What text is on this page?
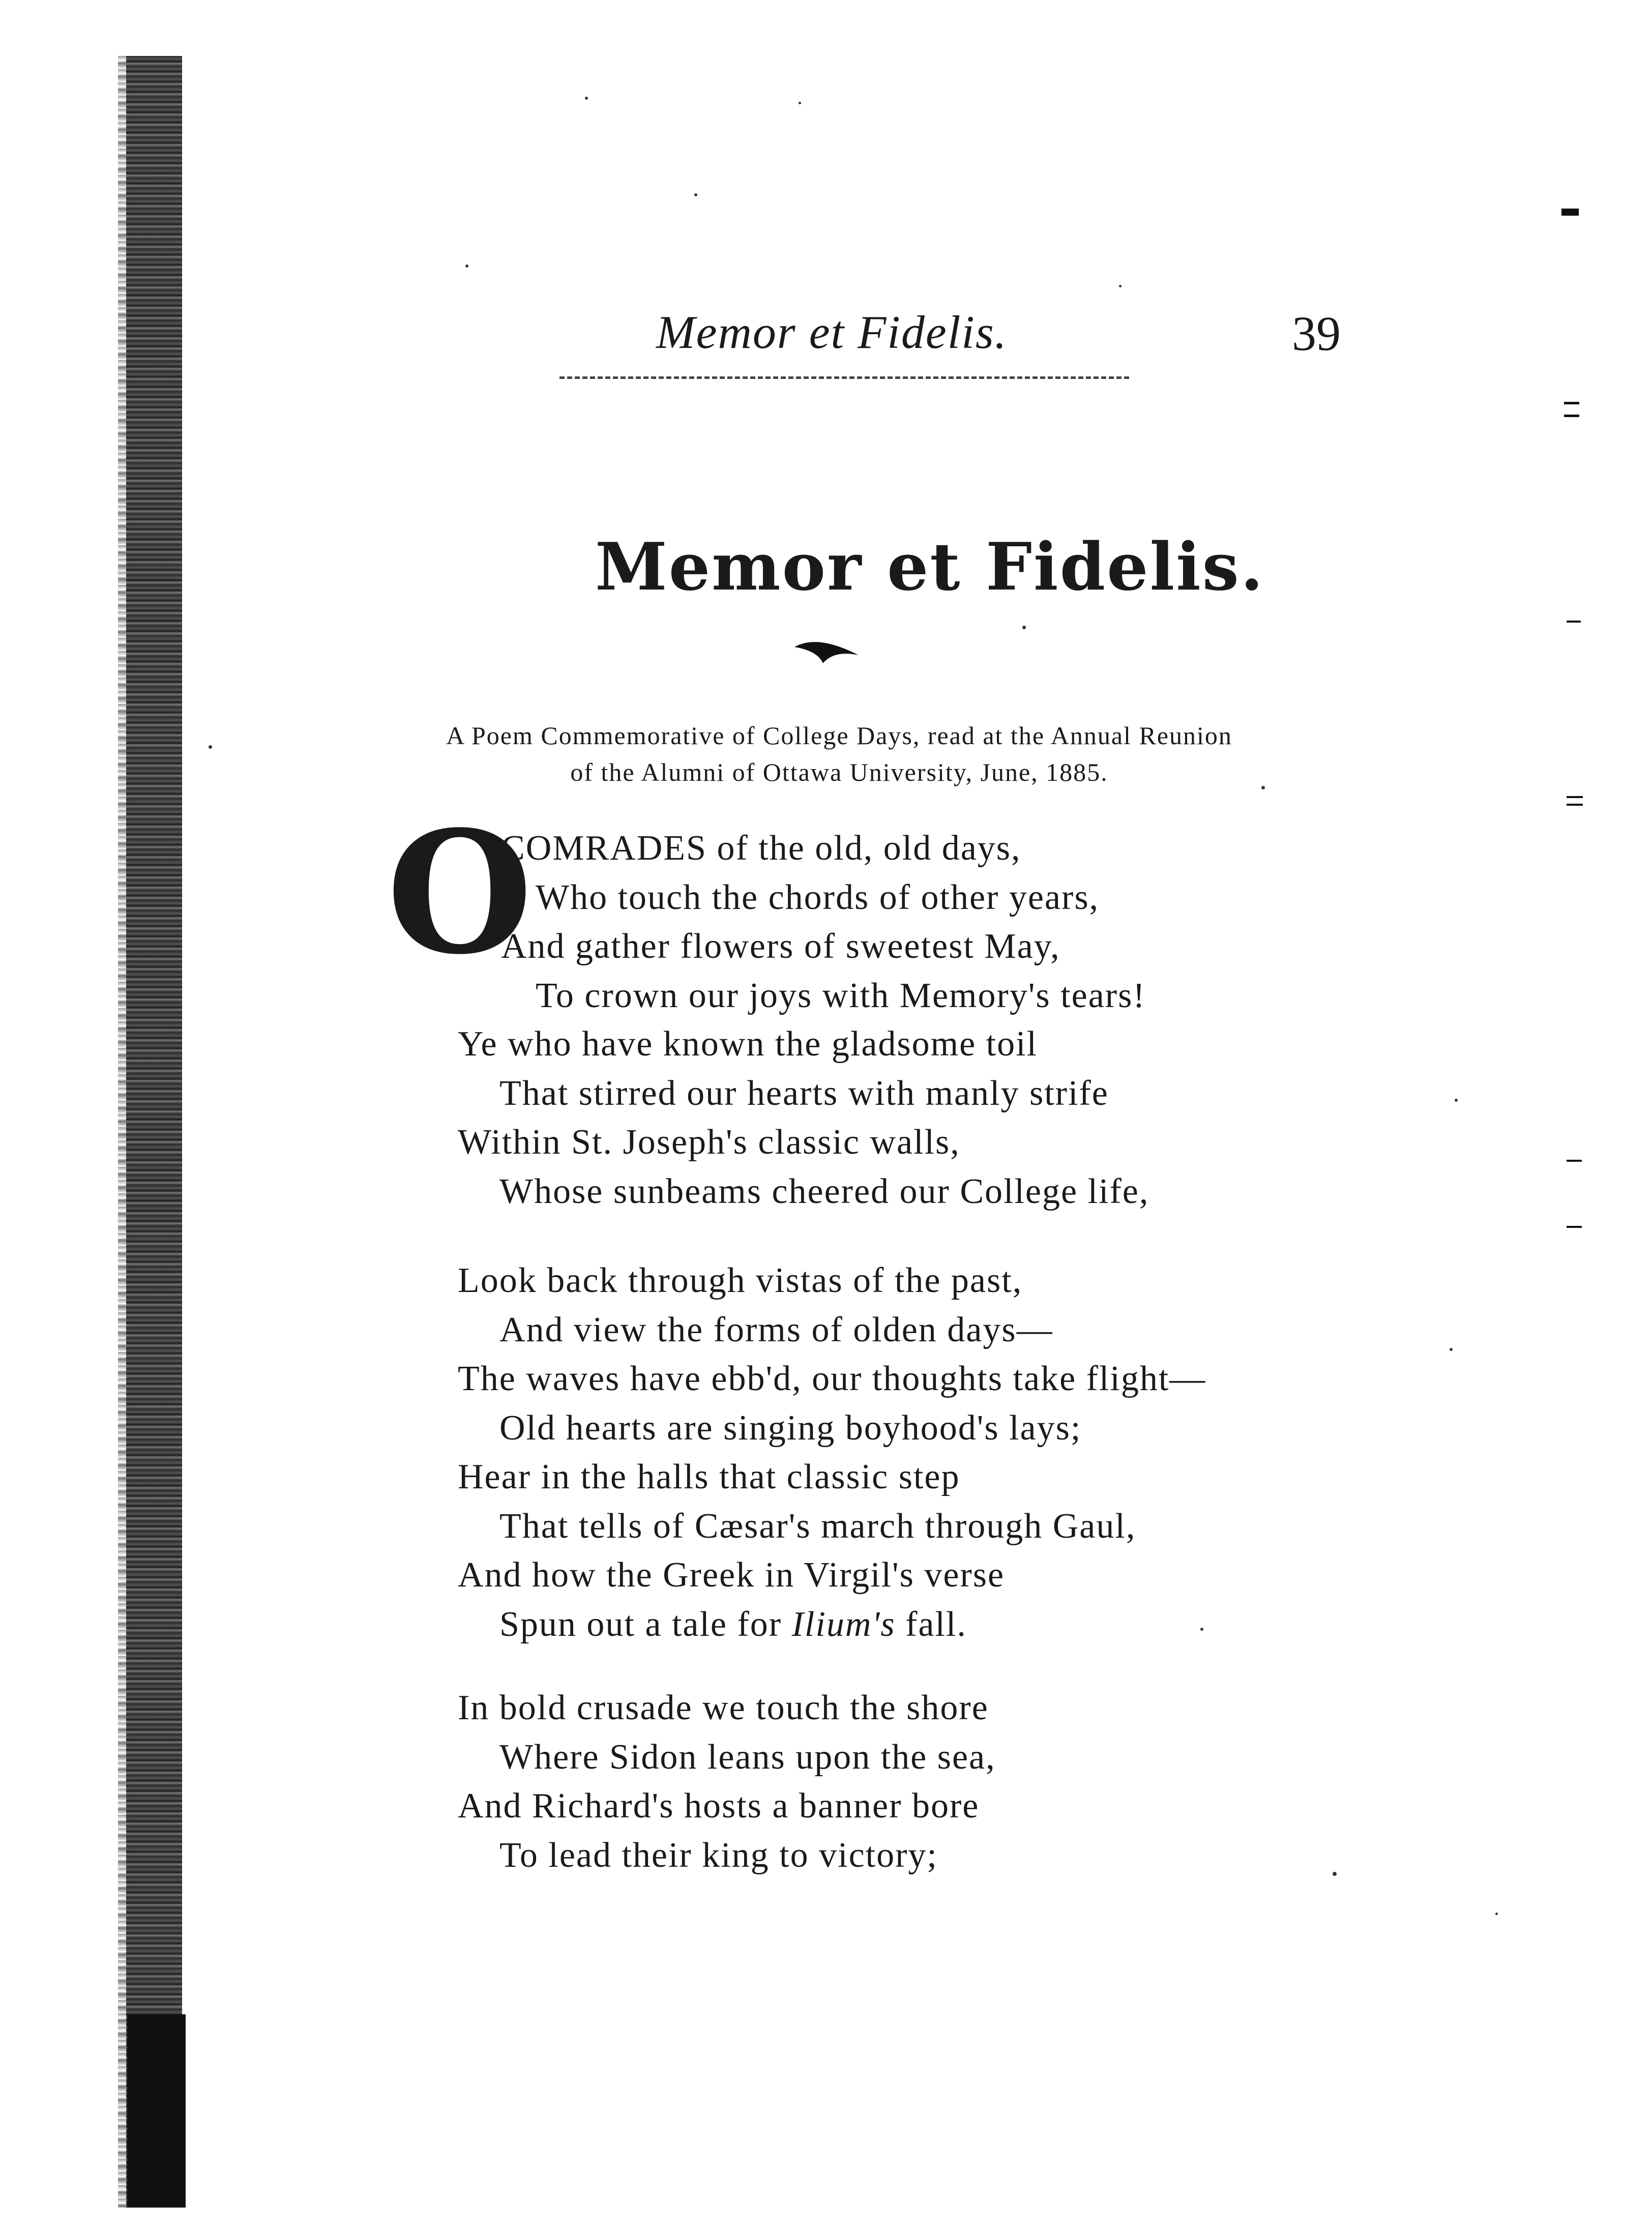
Memor et Fidelis.	39
Memor et Fidelis.
A Poem Commemorative of College Days, read at the Annual Reunion
of the Alumni of Ottawa University, June, 1885.
O
COMRADES of the old, old days,
Who touch the chords of other years,
And gather flowers of sweetest May,
To crown our joys with Memory's tears!
Ye who have known the gladsome toil
That stirred our hearts with manly strife
Within St. Joseph's classic walls,
Whose sunbeams cheered our College life,
Look back through vistas of the past,
And view the forms of olden days—
The waves have ebb'd, our thoughts take flight—
Old hearts are singing boyhood's lays;
Hear in the halls that classic step
That tells of Cæsar's march through Gaul,
And how the Greek in Virgil's verse
Spun out a tale for Ilium's fall.
In bold crusade we touch the shore
Where Sidon leans upon the sea,
And Richard's hosts a banner bore
To lead their king to victory;
